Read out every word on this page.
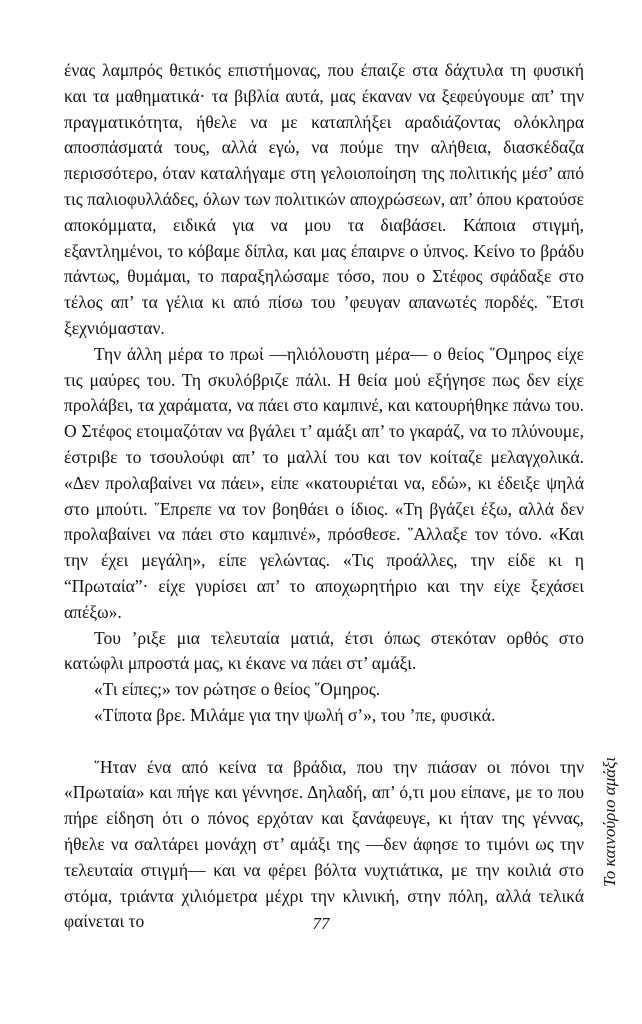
ένας λαμπρός θετικός επιστήμονας, που έπαιζε στα δάχτυλα τη φυσική και τα μαθηματικά· τα βιβλία αυτά, μας έκαναν να ξεφεύγουμε απ’ την πραγματικότητα, ήθελε να με καταπλήξει αραδιάζοντας ολόκληρα αποσπάσματά τους, αλλά εγώ, να πούμε την αλήθεια, διασκέδαζα περισσότερο, όταν καταλήγαμε στη γελοιοποίηση της πολιτικής μέσ’ από τις παλιοφυλλάδες, όλων των πολιτικών αποχρώσεων, απ’ όπου κρατούσε αποκόμματα, ειδικά για να μου τα διαβάσει. Κάποια στιγμή, εξαντλημένοι, το κόβαμε δίπλα, και μας έπαιρνε ο ύπνος. Κείνο το βράδυ πάντως, θυμάμαι, το παραξηλώσαμε τόσο, που ο Στέφος σφάδαξε στο τέλος απ’ τα γέλια κι από πίσω του ’φευγαν απανωτές πορδές. ῞Ετσι ξεχνιόμασταν.

Την άλλη μέρα το πρωί —ηλιόλουστη μέρα— ο θείος ῞Ομηρος είχε τις μαύρες του. Τη σκυλόβριζε πάλι. Η θεία μού εξήγησε πως δεν είχε προλάβει, τα χαράματα, να πάει στο καμπινέ, και κατουρήθηκε πάνω του. Ο Στέφος ετοιμαζόταν να βγάλει τ’ αμάξι απ’ το γκαράζ, να το πλύνουμε, έστριβε το τσουλούφι απ’ το μαλλί του και τον κοίταζε μελαγχολικά. «Δεν προλαβαίνει να πάει», είπε «κατουριέται να, εδώ», κι έδειξε ψηλά στο μπούτι. ῞Επρεπε να τον βοηθάει ο ίδιος. «Τη βγάζει έξω, αλλά δεν προλαβαίνει να πάει στο καμπινέ», πρόσθεσε. ῞Αλλαξε τον τόνο. «Και την έχει μεγάλη», είπε γελώντας. «Τις προάλλες, την είδε κι η “Πρωταία”· είχε γυρίσει απ’ το αποχωρητήριο και την είχε ξεχάσει απέξω».

Του ’ριξε μια τελευταία ματιά, έτσι όπως στεκόταν ορθός στο κατώφλι μπροστά μας, κι έκανε να πάει στ’ αμάξι.

«Τι είπες;» τον ρώτησε ο θείος ῞Ομηρος.

«Τίποτα βρε. Μιλάμε για την ψωλή σ’», του ’πε, φυσικά.

῞Ηταν ένα από κείνα τα βράδια, που την πιάσαν οι πόνοι την «Πρωταία» και πήγε και γέννησε. Δηλαδή, απ’ ό,τι μου είπανε, με το που πήρε είδηση ότι ο πόνος ερχόταν και ξανάφευγε, κι ήταν της γέννας, ήθελε να σαλτάρει μονάχη στ’ αμάξι της —δεν άφησε το τιμόνι ως την τελευταία στιγμή— και να φέρει βόλτα νυχτιάτικα, με την κοιλιά στο στόμα, τριάντα χιλιόμετρα μέχρι την κλινική, στην πόλη, αλλά τελικά φαίνεται το	77
Το καινούριο αμάξι
